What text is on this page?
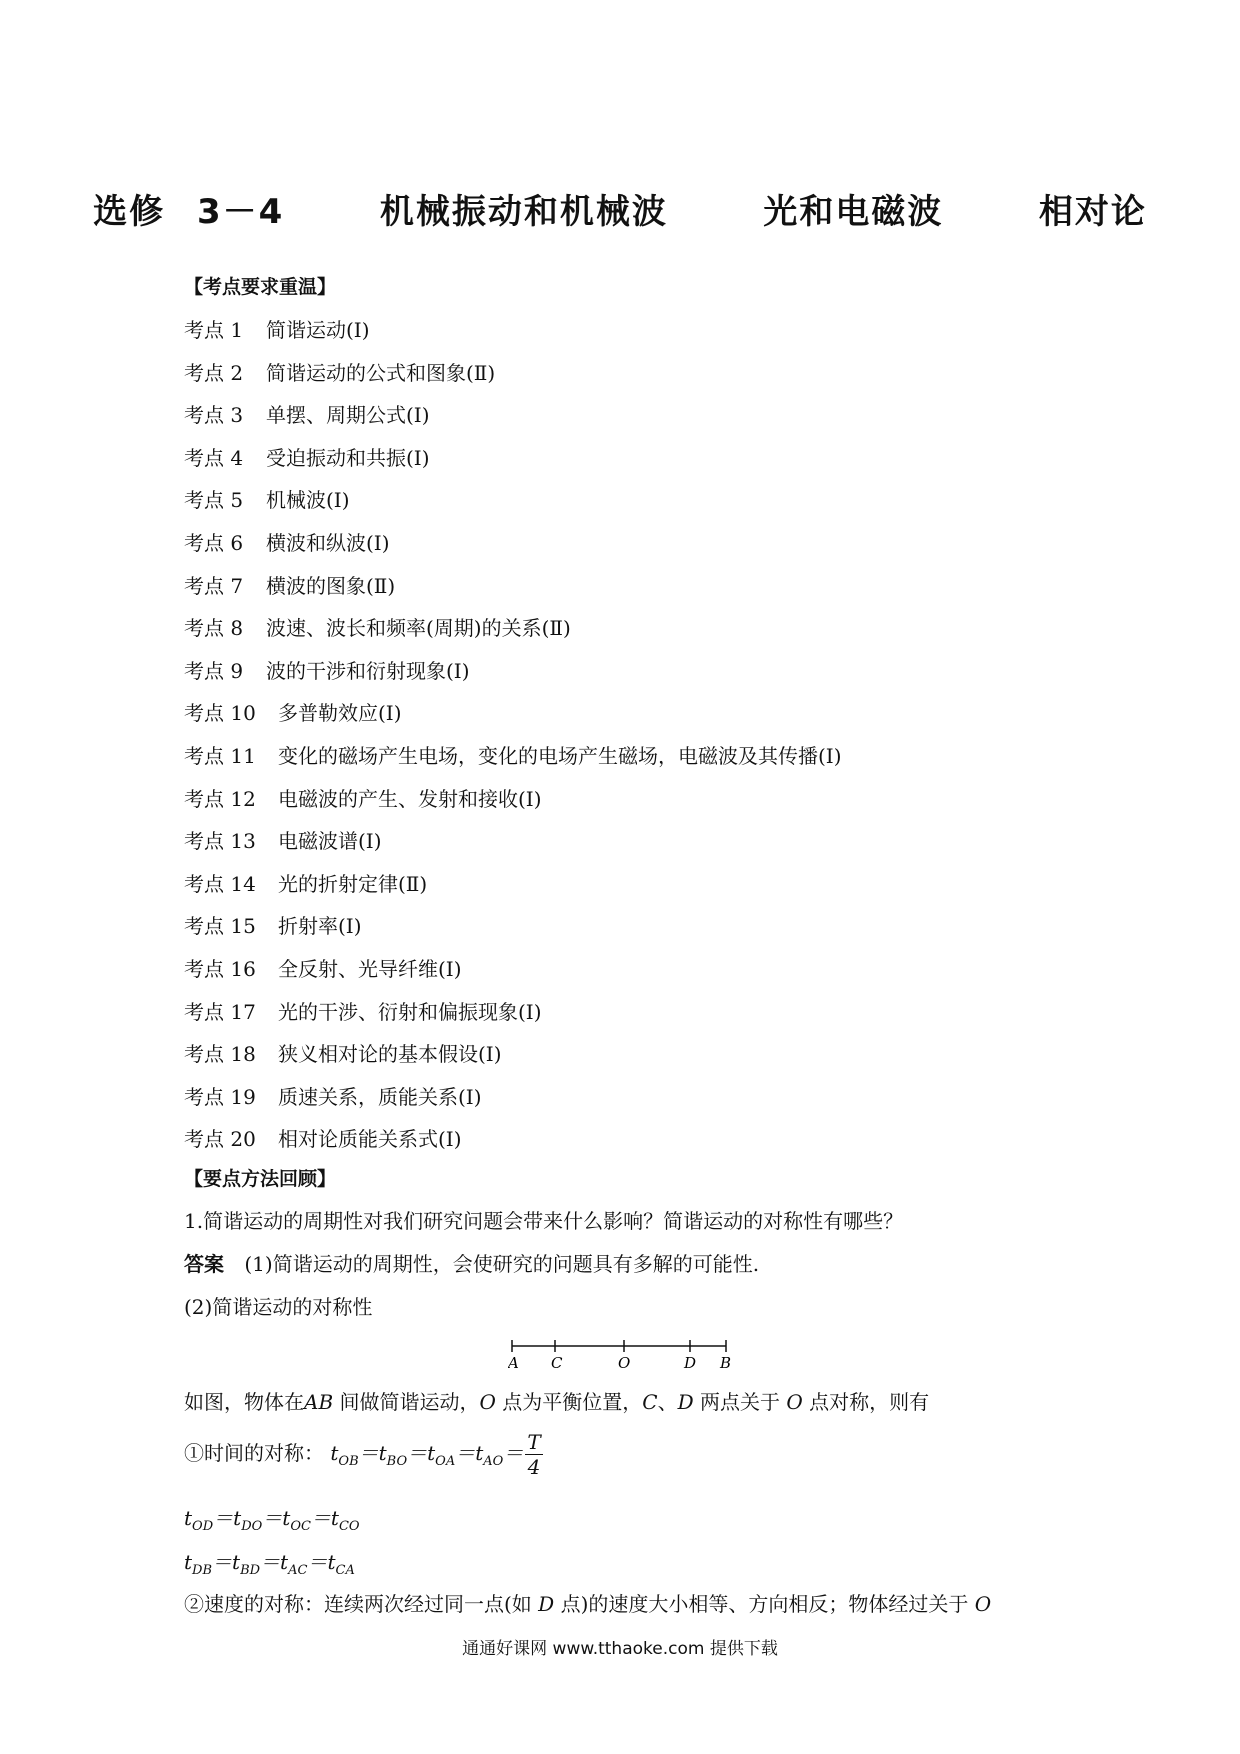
选修 3－4   机械振动和机械波   光和电磁波   相对论
【考点要求重温】
考点 1 简谐运动(Ⅰ)
考点 2 简谐运动的公式和图象(Ⅱ)
考点 3 单摆、周期公式(Ⅰ)
考点 4 受迫振动和共振(Ⅰ)
考点 5 机械波(Ⅰ)
考点 6 横波和纵波(Ⅰ)
考点 7 横波的图象(Ⅱ)
考点 8 波速、波长和频率(周期)的关系(Ⅱ)
考点 9 波的干涉和衍射现象(Ⅰ)
考点 10 多普勒效应(Ⅰ)
考点 11 变化的磁场产生电场，变化的电场产生磁场，电磁波及其传播(Ⅰ)
考点 12 电磁波的产生、发射和接收(Ⅰ)
考点 13 电磁波谱(Ⅰ)
考点 14 光的折射定律(Ⅱ)
考点 15 折射率(Ⅰ)
考点 16 全反射、光导纤维(Ⅰ)
考点 17 光的干涉、衍射和偏振现象(Ⅰ)
考点 18 狭义相对论的基本假设(Ⅰ)
考点 19 质速关系，质能关系(Ⅰ)
考点 20 相对论质能关系式(Ⅰ)
【要点方法回顾】
1.简谐运动的周期性对我们研究问题会带来什么影响？简谐运动的对称性有哪些？
答案 (1)简谐运动的周期性，会使研究的问题具有多解的可能性.
(2)简谐运动的对称性
A C	O	D B
如图，物体在AB 间做简谐运动，O 点为平衡位置，C、D 两点关于 O 点对称，则有
①时间的对称： $t_{OB}=t_{BO}=t_{OA}=t_{AO}= \frac{T}{4}$
$t_{OD}=t_{DO}=t_{OC}=t_{CO}$
$t_{DB}=t_{BD}=t_{AC}=t_{CA}$
②速度的对称：连续两次经过同一点(如 D 点)的速度大小相等、方向相反；物体经过关于 O
通通好课网 www.tthaoke.com 提供下载
